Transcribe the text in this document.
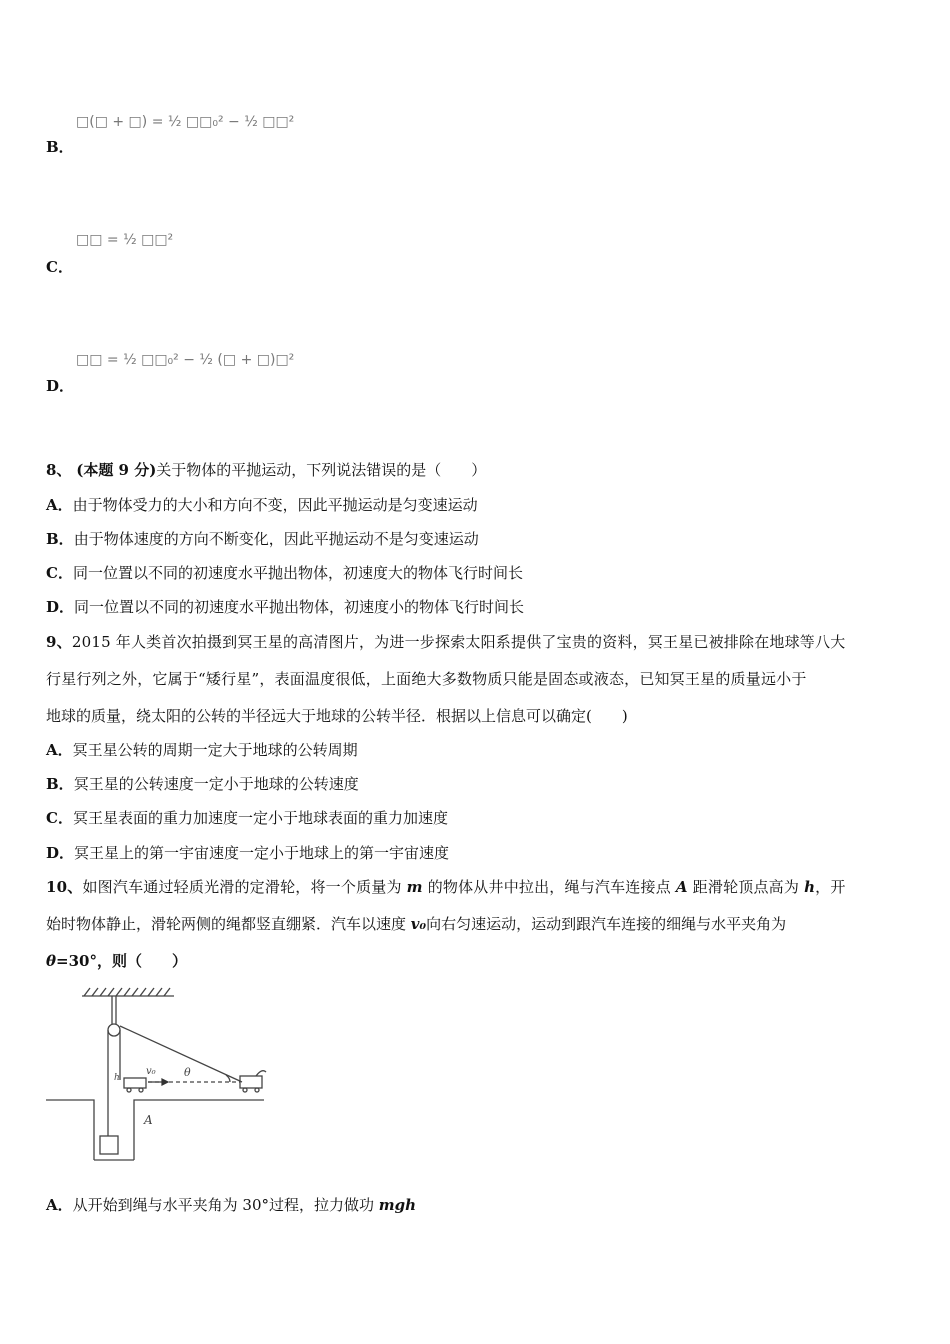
□(□ + □) = ½ □□₀² − ½ □□²
B．
□□ = ½ □□²
C．
□□ = ½ □□₀² − ½ (□ + □)□²
D．
8、 (本题 9 分)关于物体的平抛运动，下列说法错误的是（　　）
A．由于物体受力的大小和方向不变，因此平抛运动是匀变速运动
B．由于物体速度的方向不断变化，因此平抛运动不是匀变速运动
C．同一位置以不同的初速度水平抛出物体，初速度大的物体飞行时间长
D．同一位置以不同的初速度水平抛出物体，初速度小的物体飞行时间长
9、2015 年人类首次拍摄到冥王星的高清图片，为进一步探索太阳系提供了宝贵的资料，冥王星已被排除在地球等八大
行星行列之外，它属于“矮行星”，表面温度很低，上面绝大多数物质只能是固态或液态，已知冥王星的质量远小于
地球的质量，绕太阳的公转的半径远大于地球的公转半径．根据以上信息可以确定(　　)
A．冥王星公转的周期一定大于地球的公转周期
B．冥王星的公转速度一定小于地球的公转速度
C．冥王星表面的重力加速度一定小于地球表面的重力加速度
D．冥王星上的第一宇宙速度一定小于地球上的第一宇宙速度
10、如图汽车通过轻质光滑的定滑轮，将一个质量为 m 的物体从井中拉出，绳与汽车连接点 A 距滑轮顶点高为 h，开
始时物体静止，滑轮两侧的绳都竖直绷紧．汽车以速度 v₀向右匀速运动，运动到跟汽车连接的细绳与水平夹角为
θ=30°，则（　　）
v₀	θ
A
h
A．从开始到绳与水平夹角为 30°过程，拉力做功 mgh
